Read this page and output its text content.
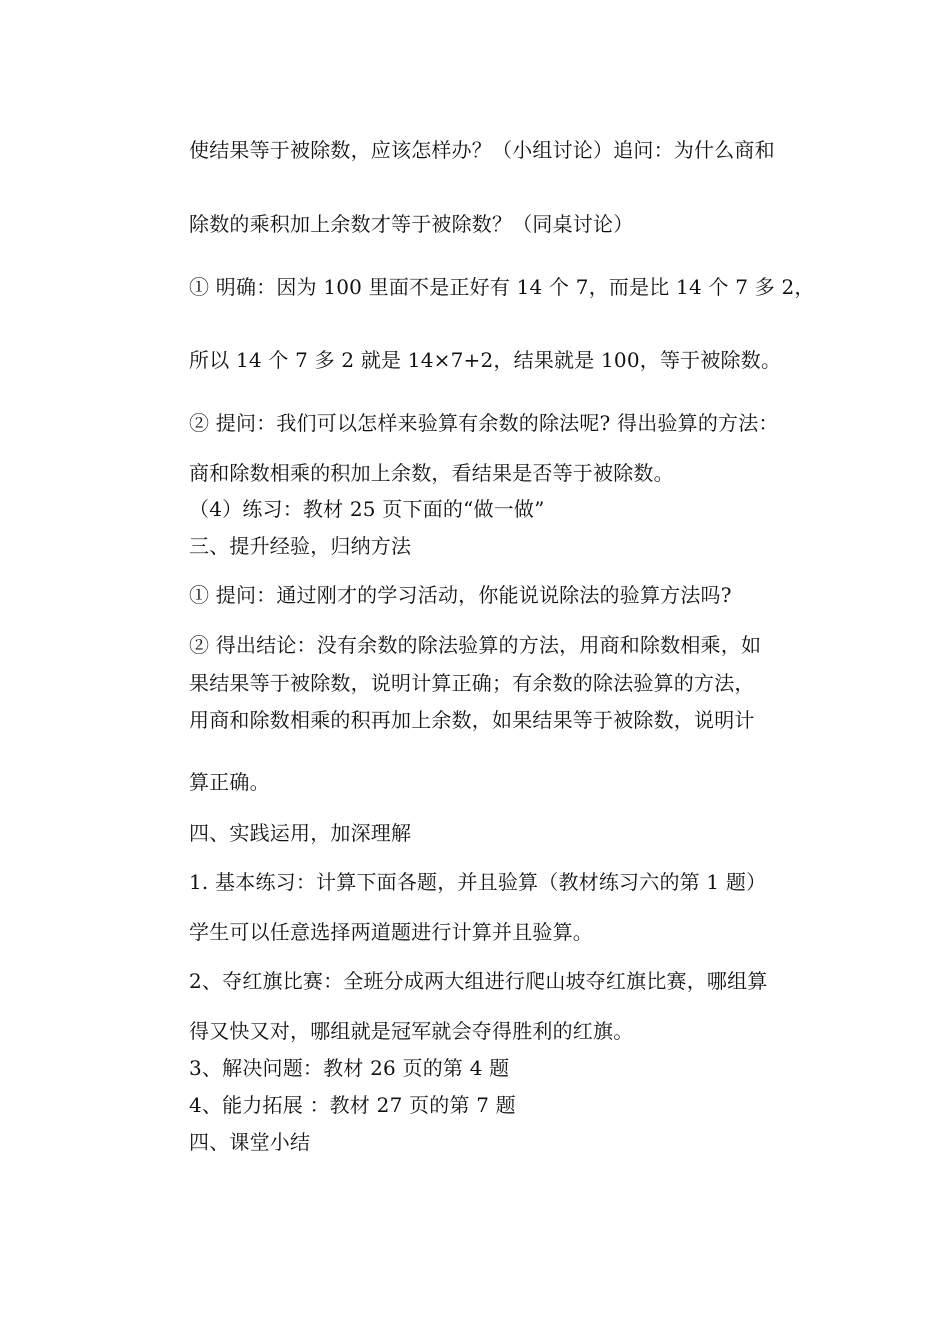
使结果等于被除数，应该怎样办？（小组讨论）追问：为什么商和
除数的乘积加上余数才等于被除数？（同桌讨论）
① 明确：因为 100 里面不是正好有 14 个 7，而是比 14 个 7 多 2，
所以 14 个 7 多 2 就是 14×7+2，结果就是 100，等于被除数。
② 提问：我们可以怎样来验算有余数的除法呢? 得出验算的方法：
商和除数相乘的积加上余数，看结果是否等于被除数。
（4）练习：教材 25 页下面的“做一做”
三、提升经验，归纳方法
① 提问：通过刚才的学习活动，你能说说除法的验算方法吗?
② 得出结论：没有余数的除法验算的方法，用商和除数相乘，如
果结果等于被除数，说明计算正确；有余数的除法验算的方法，
用商和除数相乘的积再加上余数，如果结果等于被除数，说明计
算正确。
四、实践运用，加深理解
1. 基本练习：计算下面各题，并且验算（教材练习六的第 1 题）
学生可以任意选择两道题进行计算并且验算。
2、夺红旗比赛：全班分成两大组进行爬山坡夺红旗比赛，哪组算
得又快又对，哪组就是冠军就会夺得胜利的红旗。
3、解决问题：教材 26 页的第 4 题
4、能力拓展 ：教材 27 页的第 7 题
四、课堂小结
